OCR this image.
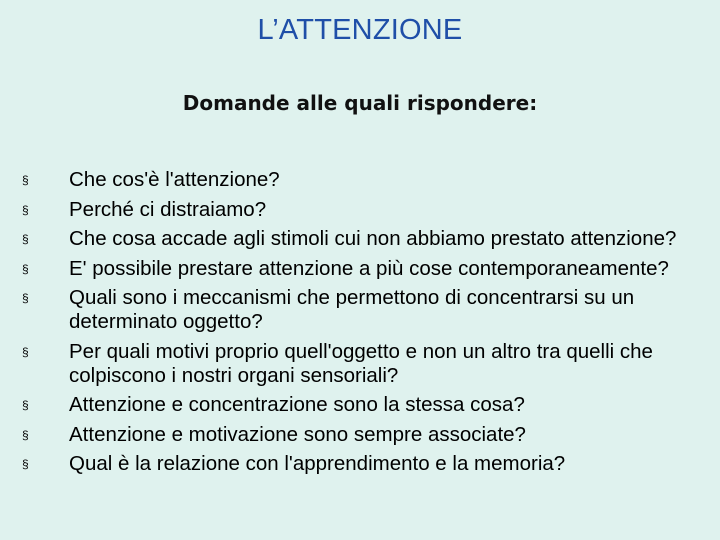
L’ATTENZIONE
Domande alle quali rispondere:
§	Che cos'è l'attenzione?
§	Perché ci distraiamo?
§	Che cosa accade agli stimoli cui non abbiamo prestato attenzione?
§	E' possibile prestare attenzione a più cose contemporaneamente?
§	Quali sono i meccanismi che permettono di concentrarsi su un determinato oggetto?
§	Per quali motivi proprio quell'oggetto e non un altro tra quelli che colpiscono i nostri organi sensoriali?
§	Attenzione e concentrazione sono la stessa cosa?
§	Attenzione e motivazione sono sempre associate?
§	Qual è la relazione con l'apprendimento e la memoria?
